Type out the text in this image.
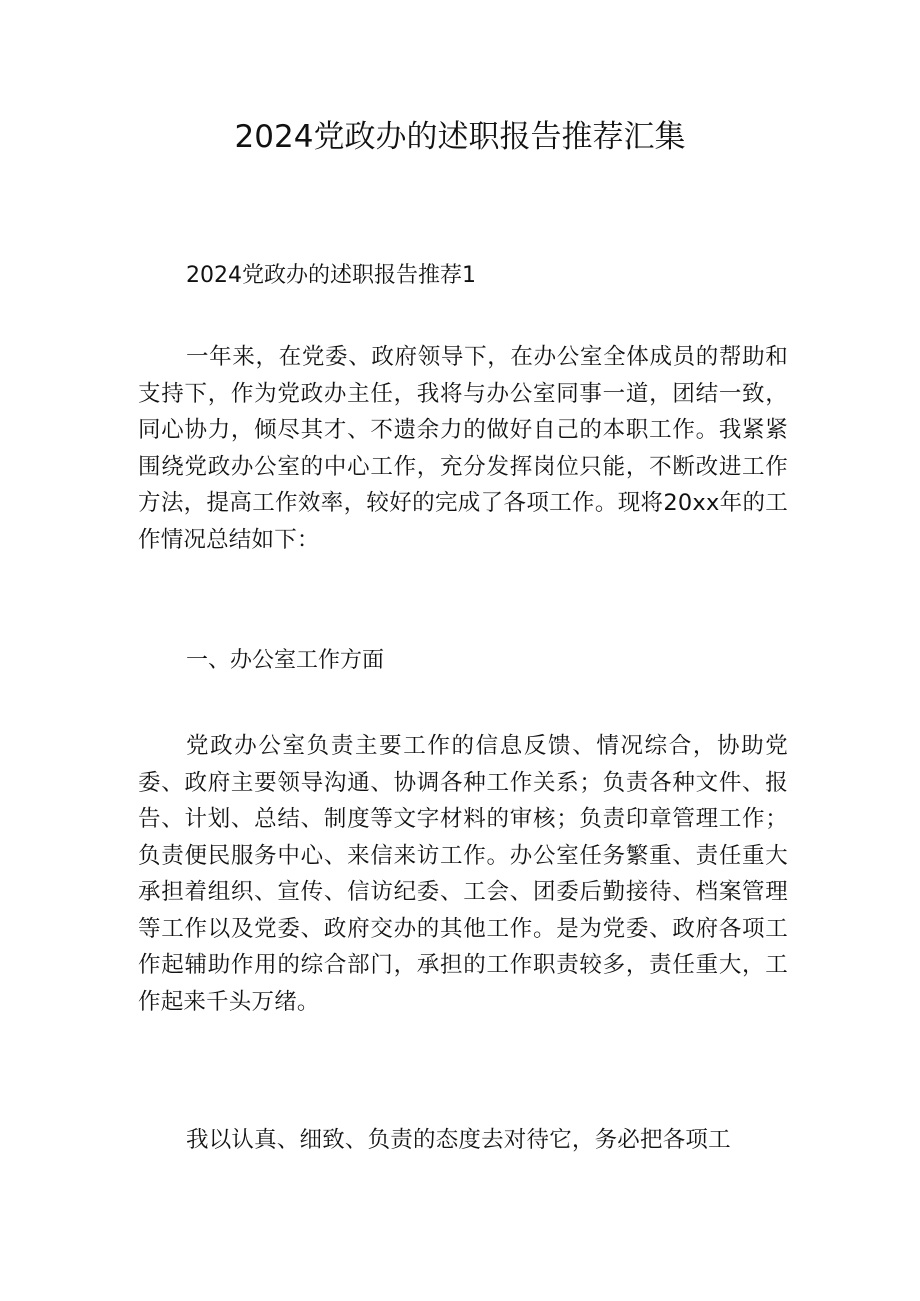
2024党政办的述职报告推荐汇集
2024党政办的述职报告推荐1

一年来，在党委、政府领导下，在办公室全体成员的帮助和支持下，作为党政办主任，我将与办公室同事一道，团结一致，同心协力，倾尽其才、不遗余力的做好自己的本职工作。我紧紧围绕党政办公室的中心工作，充分发挥岗位只能，不断改进工作方法，提高工作效率，较好的完成了各项工作。现将20xx年的工作情况总结如下：

一、办公室工作方面

党政办公室负责主要工作的信息反馈、情况综合，协助党委、政府主要领导沟通、协调各种工作关系；负责各种文件、报告、计划、总结、制度等文字材料的审核；负责印章管理工作；负责便民服务中心、来信来访工作。办公室任务繁重、责任重大承担着组织、宣传、信访纪委、工会、团委后勤接待、档案管理等工作以及党委、政府交办的其他工作。是为党委、政府各项工作起辅助作用的综合部门，承担的工作职责较多，责任重大，工作起来千头万绪。

我以认真、细致、负责的态度去对待它，务必把各项工
